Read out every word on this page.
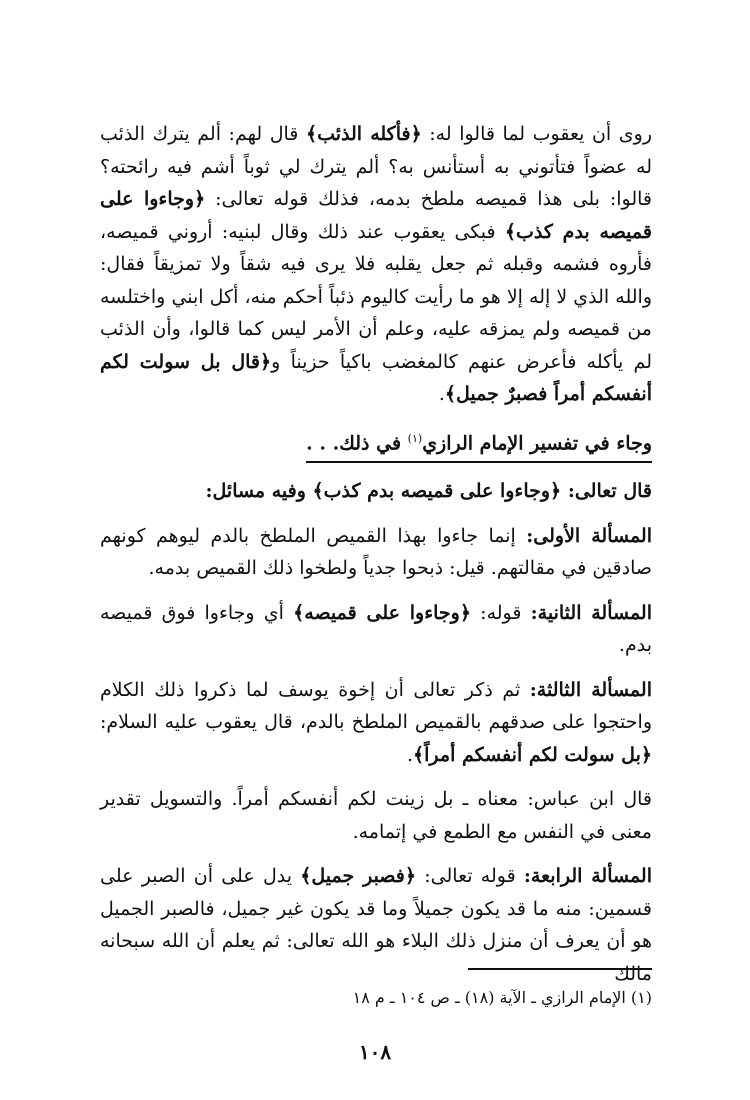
روى أن يعقوب لما قالوا له: ﴿فأكله الذئب﴾ قال لهم: ألم يترك الذئب له عضواً فتأتوني به أستأنس به؟ ألم يترك لي ثوباً أشم فيه رائحته؟ قالوا: بلى هذا قميصه ملطخ بدمه، فذلك قوله تعالى: ﴿وجاءوا على قميصه بدم كذب﴾ فبكى يعقوب عند ذلك وقال لبنيه: أروني قميصه، فأروه فشمه وقبله ثم جعل يقلبه فلا يرى فيه شقاً ولا تمزيقاً فقال: والله الذي لا إله إلا هو ما رأيت كاليوم ذئباً أحكم منه، أكل ابني واختلسه من قميصه ولم يمزقه عليه، وعلم أن الأمر ليس كما قالوا، وأن الذئب لم يأكله فأعرض عنهم كالمغضب باكياً حزيناً و﴿قال بل سولت لكم أنفسكم أمراً فصبرٌ جميل﴾.

وجاء في تفسير الإمام الرازي$^{(١)}$ في ذلك. . .

قال تعالى: ﴿وجاءوا على قميصه بدم كذب﴾ وفيه مسائل:

المسألة الأولى: إنما جاءوا بهذا القميص الملطخ بالدم ليوهم كونهم صادقين في مقالتهم. قيل: ذبحوا جدياً ولطخوا ذلك القميص بدمه.

المسألة الثانية: قوله: ﴿وجاءوا على قميصه﴾ أي وجاءوا فوق قميصه بدم.

المسألة الثالثة: ثم ذكر تعالى أن إخوة يوسف لما ذكروا ذلك الكلام واحتجوا على صدقهم بالقميص الملطخ بالدم، قال يعقوب عليه السلام: ﴿بل سولت لكم أنفسكم أمراً﴾.

قال ابن عباس: معناه ـ بل زينت لكم أنفسكم أمراً. والتسويل تقدير معنى في النفس مع الطمع في إتمامه.

المسألة الرابعة: قوله تعالى: ﴿فصبر جميل﴾ يدل على أن الصبر على قسمين: منه ما قد يكون جميلاً وما قد يكون غير جميل، فالصبر الجميل هو أن يعرف أن منزل ذلك البلاء هو الله تعالى: ثم يعلم أن الله سبحانه مالك

(١) الإمام الرازي ـ الآية (١٨) ـ ص ١٠٤ ـ م ١٨
١٠٨
